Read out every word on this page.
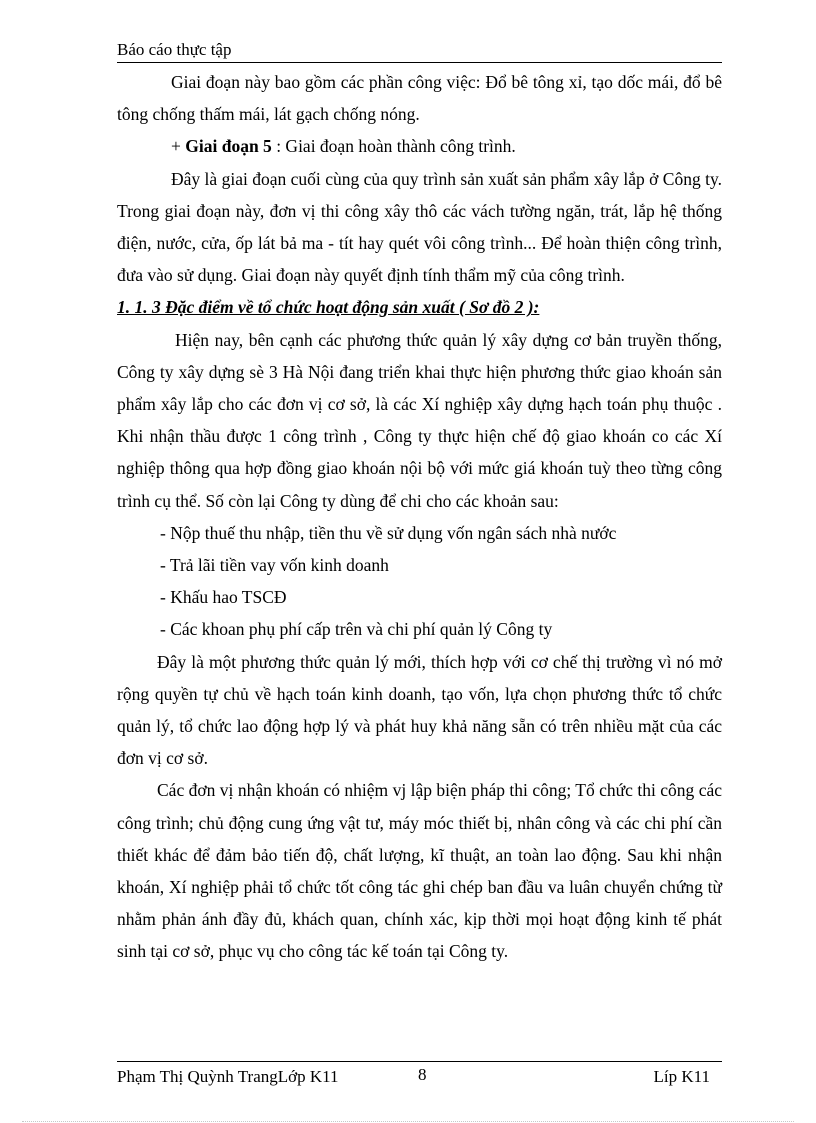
Báo cáo thực tập

Giai đoạn này bao gồm các phần công việc: Đổ bê tông xỉ, tạo dốc mái, đổ bê tông chống thấm mái, lát gạch chống nóng.

+ Giai đoạn 5 : Giai đoạn hoàn thành công trình.

Đây là giai đoạn cuối cùng của quy trình sản xuất sản phẩm xây lắp ở Công ty. Trong giai đoạn này, đơn vị thi công xây thô các vách tường ngăn, trát, lắp hệ thống điện, nước, cửa, ốp lát bả ma - tít hay quét vôi công trình... Để hoàn thiện công trình, đưa vào sử dụng. Giai đoạn này quyết định tính thẩm mỹ của công trình.

1. 1. 3 Đặc điểm về tổ chức hoạt động sản xuất ( Sơ đồ 2 ):

Hiện nay, bên cạnh các phương thức quản lý xây dựng cơ bản truyền thống, Công ty xây dựng sè 3 Hà Nội đang triển khai thực hiện phương thức giao khoán sản phẩm xây lắp cho các đơn vị cơ sở, là các Xí nghiệp xây dựng hạch toán phụ thuộc . Khi nhận thầu được 1 công trình , Công ty thực hiện chế độ giao khoán co các Xí nghiệp thông qua hợp đồng giao khoán nội bộ với mức giá khoán tuỳ theo từng công trình cụ thể. Số còn lại Công ty dùng để chi cho các khoản sau:

- Nộp thuế thu nhập, tiền thu về sử dụng vốn ngân sách nhà nước

- Trả lãi tiền vay vốn kinh doanh

- Khấu hao TSCĐ

- Các khoan phụ phí cấp trên và chi phí quản lý Công ty

Đây là một phương thức quản lý mới, thích hợp với cơ chế thị trường vì nó mở rộng quyền tự chủ về hạch toán kinh doanh, tạo vốn, lựa chọn phương thức tổ chức quản lý, tổ chức lao động hợp lý và phát huy khả năng sẵn có trên nhiều mặt của các đơn vị cơ sở.

Các đơn vị nhận khoán có nhiệm vj lập biện pháp thi công; Tổ chức thi công các công trình; chủ động cung ứng vật tư, máy móc thiết bị, nhân công và các chi phí cần thiết khác để đảm bảo tiến độ, chất lượng, kĩ thuật, an toàn lao động. Sau khi nhận khoán, Xí nghiệp phải tổ chức tốt công tác ghi chép ban đầu va luân chuyển chứng từ nhằm phản ánh đầy đủ, khách quan, chính xác, kịp thời mọi hoạt động kinh tế phát sinh tại cơ sở, phục vụ cho công tác kế toán tại Công ty.

Phạm Thị Quỳnh TrangLớp K11	8	Líp K11
